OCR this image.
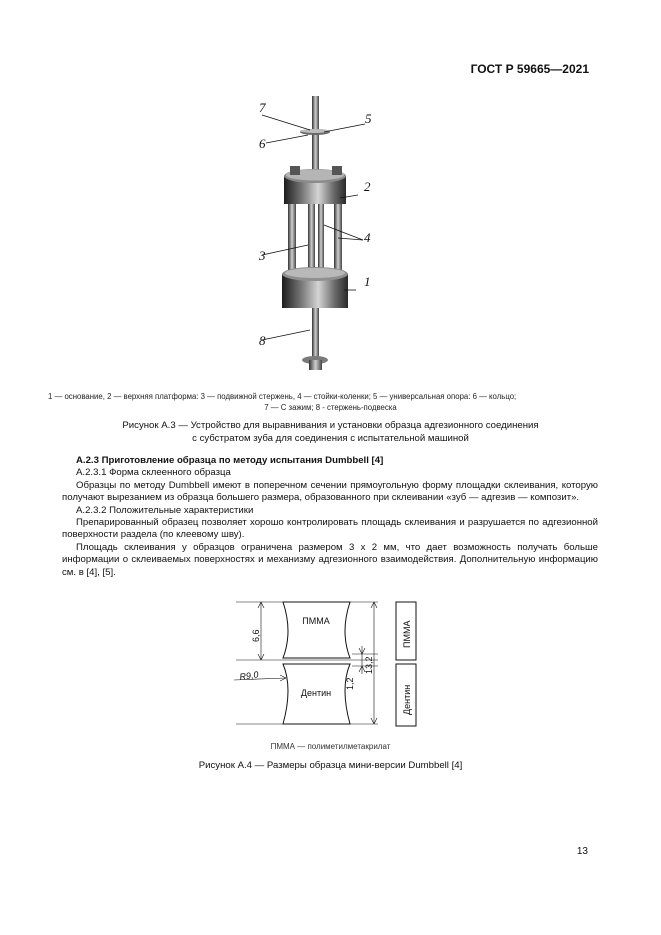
ГОСТ Р 59665—2021
7
6
5
2
4
3
1
8
1 — основание, 2 — верхняя платформа: 3 — подвижной стержень, 4 — стойки-коленки; 5 — универсальная опора: 6 — кольцо;
7 — С зажим; 8 - стержень-подвеска
Рисунок А.3 — Устройство для выравнивания и установки образца адгезионного соединения
с субстратом зуба для соединения с испытательной машиной
А.2.3 Приготовление образца по методу испытания Dumbbell [4]
А.2.3.1 Форма склеенного образца
Образцы по методу Dumbbell имеют в поперечном сечении прямоугольную форму площадки склеивания, которую получают вырезанием из образца большего размера, образованного при склеивании «зуб — адгезив — композит».
А.2.3.2 Положительные характеристики
Препарированный образец позволяет хорошо контролировать площадь склеивания и разрушается по адгезионной поверхности раздела (по клеевому шву).
Площадь склеивания у образцов ограничена размером 3 х 2 мм, что дает возможность получать больше информации о склеиваемых поверхностях и механизму адгезионного взаимодействия. Дополнительную информацию см. в [4], [5].
ПММА
Дентин
6,6
13,2
1,2
R9,0
ПММА
Дентин
ПММА — полиметилметакрилат
Рисунок А.4 — Размеры образца мини-версии Dumbbell [4]
13
